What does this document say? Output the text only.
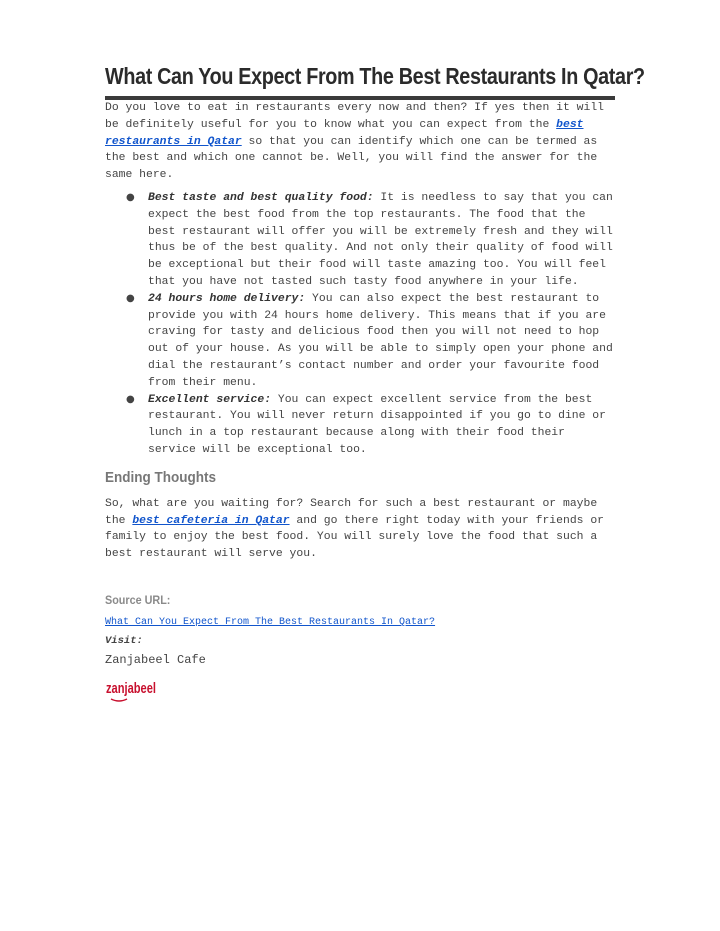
What Can You Expect From The Best Restaurants In Qatar?

Do you love to eat in restaurants every now and then? If yes then it will be definitely useful for you to know what you can expect from the best restaurants in Qatar so that you can identify which one can be termed as the best and which one cannot be. Well, you will find the answer for the same here.

● Best taste and best quality food: It is needless to say that you can expect the best food from the top restaurants. The food that the best restaurant will offer you will be extremely fresh and they will thus be of the best quality. And not only their quality of food will be exceptional but their food will taste amazing too. You will feel that you have not tasted such tasty food anywhere in your life.
● 24 hours home delivery: You can also expect the best restaurant to provide you with 24 hours home delivery. This means that if you are craving for tasty and delicious food then you will not need to hop out of your house. As you will be able to simply open your phone and dial the restaurant’s contact number and order your favourite food from their menu.
● Excellent service: You can expect excellent service from the best restaurant. You will never return disappointed if you go to dine or lunch in a top restaurant because along with their food their service will be exceptional too.
Ending Thoughts

So, what are you waiting for? Search for such a best restaurant or maybe the best cafeteria in Qatar and go there right today with your friends or family to enjoy the best food. You will surely love the food that such a best restaurant will serve you.

Source URL:
What Can You Expect From The Best Restaurants In Qatar?
Visit:
Zanjabeel Cafe
zanjabeel
